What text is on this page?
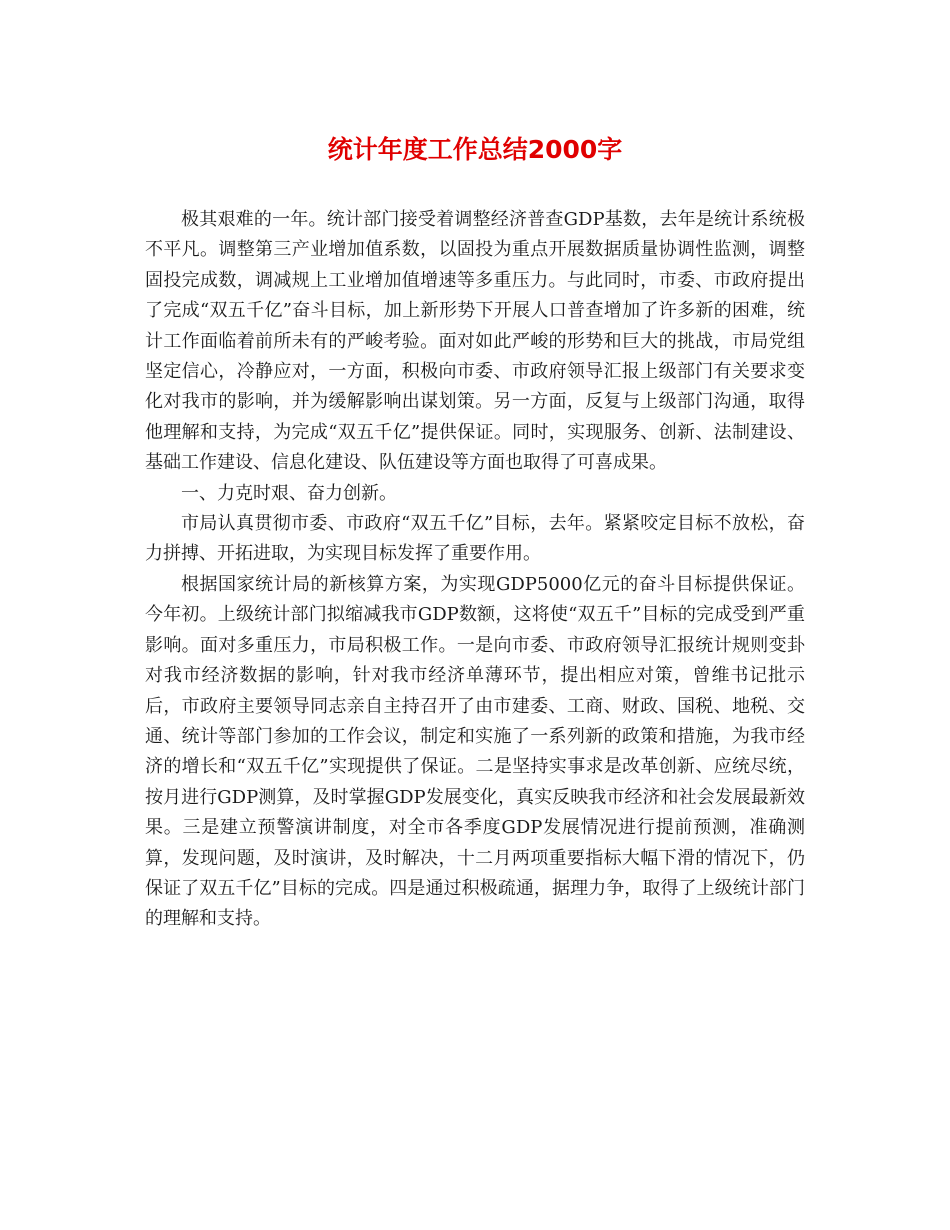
统计年度工作总结2000字

极其艰难的一年。统计部门接受着调整经济普查GDP基数，去年是统计系统极不平凡。调整第三产业增加值系数，以固投为重点开展数据质量协调性监测，调整固投完成数，调减规上工业增加值增速等多重压力。与此同时，市委、市政府提出了完成“双五千亿”奋斗目标，加上新形势下开展人口普查增加了许多新的困难，统计工作面临着前所未有的严峻考验。面对如此严峻的形势和巨大的挑战，市局党组坚定信心，冷静应对，一方面，积极向市委、市政府领导汇报上级部门有关要求变化对我市的影响，并为缓解影响出谋划策。另一方面，反复与上级部门沟通，取得他理解和支持，为完成“双五千亿”提供保证。同时，实现服务、创新、法制建设、基础工作建设、信息化建设、队伍建设等方面也取得了可喜成果。

一、力克时艰、奋力创新。

市局认真贯彻市委、市政府“双五千亿”目标，去年。紧紧咬定目标不放松，奋力拼搏、开拓进取，为实现目标发挥了重要作用。

根据国家统计局的新核算方案，为实现GDP5000亿元的奋斗目标提供保证。今年初。上级统计部门拟缩减我市GDP数额，这将使“双五千”目标的完成受到严重影响。面对多重压力，市局积极工作。一是向市委、市政府领导汇报统计规则变卦对我市经济数据的影响，针对我市经济单薄环节，提出相应对策，曾维书记批示后，市政府主要领导同志亲自主持召开了由市建委、工商、财政、国税、地税、交通、统计等部门参加的工作会议，制定和实施了一系列新的政策和措施，为我市经济的增长和“双五千亿”实现提供了保证。二是坚持实事求是改革创新、应统尽统，按月进行GDP测算，及时掌握GDP发展变化，真实反映我市经济和社会发展最新效果。三是建立预警演讲制度，对全市各季度GDP发展情况进行提前预测，准确测算，发现问题，及时演讲，及时解决，十二月两项重要指标大幅下滑的情况下，仍保证了双五千亿”目标的完成。四是通过积极疏通，据理力争，取得了上级统计部门的理解和支持。
